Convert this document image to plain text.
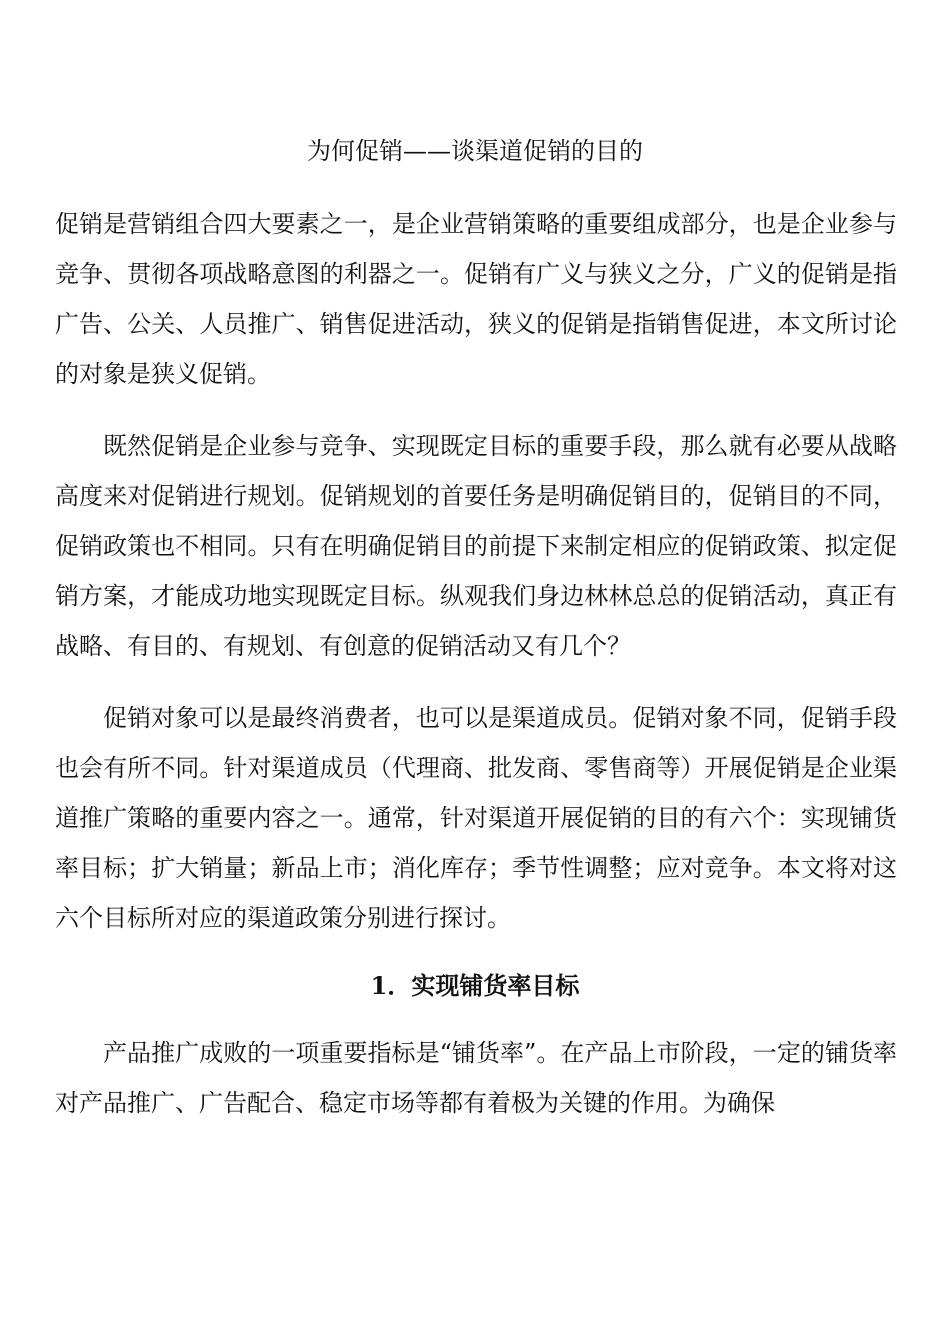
为何促销——谈渠道促销的目的

促销是营销组合四大要素之一，是企业营销策略的重要组成部分，也是企业参与竞争、贯彻各项战略意图的利器之一。促销有广义与狭义之分，广义的促销是指广告、公关、人员推广、销售促进活动，狭义的促销是指销售促进，本文所讨论的对象是狭义促销。

既然促销是企业参与竞争、实现既定目标的重要手段，那么就有必要从战略高度来对促销进行规划。促销规划的首要任务是明确促销目的，促销目的不同，促销政策也不相同。只有在明确促销目的前提下来制定相应的促销政策、拟定促销方案，才能成功地实现既定目标。纵观我们身边林林总总的促销活动，真正有战略、有目的、有规划、有创意的促销活动又有几个？

促销对象可以是最终消费者，也可以是渠道成员。促销对象不同，促销手段也会有所不同。针对渠道成员（代理商、批发商、零售商等）开展促销是企业渠道推广策略的重要内容之一。通常，针对渠道开展促销的目的有六个：实现铺货率目标；扩大销量；新品上市；消化库存；季节性调整；应对竞争。本文将对这六个目标所对应的渠道政策分别进行探讨。

1．实现铺货率目标

产品推广成败的一项重要指标是“铺货率”。在产品上市阶段，一定的铺货率对产品推广、广告配合、稳定市场等都有着极为关键的作用。为确保
